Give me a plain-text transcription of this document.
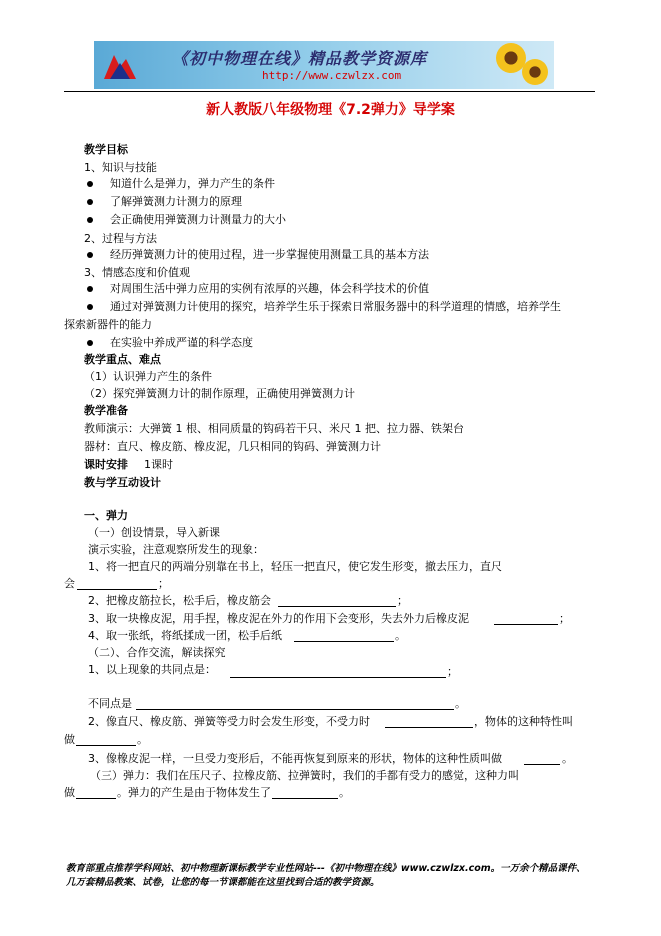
《初中物理在线》精品教学资源库
http://www.czwlzx.com
新人教版八年级物理《7.2弹力》导学案
教学目标
1、知识与技能
知道什么是弹力，弹力产生的条件
了解弹簧测力计测力的原理
会正确使用弹簧测力计测量力的大小
2、过程与方法
经历弹簧测力计的使用过程，进一步掌握使用测量工具的基本方法
3、情感态度和价值观
对周围生活中弹力应用的实例有浓厚的兴趣，体会科学技术的价值
通过对弹簧测力计使用的探究，培养学生乐于探索日常服务器中的科学道理的情感，培养学生
探索新器件的能力
在实验中养成严谨的科学态度
教学重点、难点
（1）认识弹力产生的条件
（2）探究弹簧测力计的制作原理，正确使用弹簧测力计
教学准备
教师演示：大弹簧 1 根、相同质量的钩码若干只、米尺 1 把、拉力器、铁架台
器材：直尺、橡皮筋、橡皮泥，几只相同的钩码、弹簧测力计
课时安排 1课时
教与学互动设计
一、弹力
（一）创设情景，导入新课
演示实验，注意观察所发生的现象：
1、将一把直尺的两端分别靠在书上，轻压一把直尺，使它发生形变，撤去压力，直尺
会	；
2、把橡皮筋拉长，松手后，橡皮筋会	；
3、取一块橡皮泥，用手捏，橡皮泥在外力的作用下会变形，失去外力后橡皮泥	；
4、取一张纸，将纸揉成一团，松手后纸	。
（二）、合作交流，解读探究
1、以上现象的共同点是：	；
不同点是	。
2、像直尺、橡皮筋、弹簧等受力时会发生形变，不受力时	，物体的这种特性叫
做	。
3、像橡皮泥一样，一旦受力变形后，不能再恢复到原来的形状，物体的这种性质叫做	。
（三）弹力：我们在压尺子、拉橡皮筋、拉弹簧时，我们的手都有受力的感觉，这种力叫
做	。弹力的产生是由于物体发生了	。
教育部重点推荐学科网站、初中物理新课标教学专业性网站---《初中物理在线》www.czwlzx.com。一万余个精品课件、
几万套精品教案、试卷，让您的每一节课都能在这里找到合适的教学资源。
